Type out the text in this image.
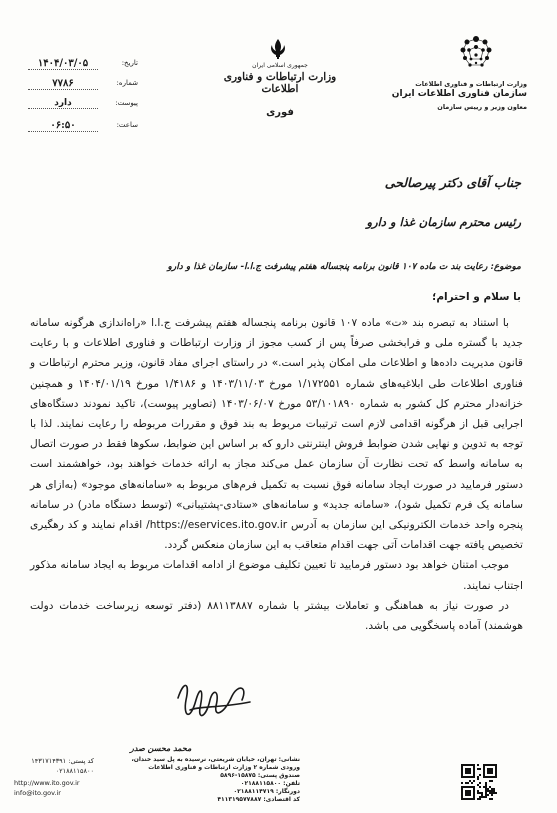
۱۴۰۴/۰۳/۰۵	تاریخ:
۷۷۸۶	شماره:
دارد	پیوست:
۰۶:۵۰	ساعت:
جمهوری اسلامی ایران
وزارت ارتباطات و فناوری اطلاعات
فوری
وزارت ارتباطات و فناوری اطلاعات
سازمان فناوری اطلاعات ایران
معاون وزیر و رییس سازمان
جناب آقای دکتر پیرصالحی
رئیس محترم سازمان غذا و دارو
موضوع: رعایت بند ت ماده ۱۰۷ قانون برنامه پنجساله هفتم پیشرفت ج.ا.ا- سازمان غذا و دارو
با سلام و احترام؛

با استناد به تبصره بند «ت» ماده ۱۰۷ قانون برنامه پنجساله هفتم پیشرفت ج.ا.ا «راه‌اندازی هرگونه سامانه جدید با گستره ملی و فرابخشی صرفاً پس از کسب مجوز از وزارت ارتباطات و فناوری اطلاعات و با رعایت قانون مدیریت داده‌ها و اطلاعات ملی امکان پذیر است.» در راستای اجرای مفاد قانون، وزیر محترم ارتباطات و فناوری اطلاعات طی ابلاغیه‌های شماره ۱/۱۷۲۵۵۱ مورخ ۱۴۰۳/۱۱/۰۳ و ۱/۴۱۸۶ مورخ ۱۴۰۴/۰۱/۱۹ و همچنین خزانه‌دار محترم کل کشور به شماره ۵۳/۱۰۱۸۹۰ مورخ ۱۴۰۳/۰۶/۰۷ (تصاویر پیوست)، تاکید نمودند دستگاه‌های اجرایی قبل از هرگونه اقدامی لازم است ترتیبات مربوط به بند فوق و مقررات مربوطه را رعایت نمایند. لذا با توجه به تدوین و نهایی شدن ضوابط فروش اینترنتی دارو که بر اساس این ضوابط، سکوها فقط در صورت اتصال به سامانه واسط که تحت نظارت آن سازمان عمل می‌کند مجاز به ارائه خدمات خواهند بود، خواهشمند است دستور فرمایید در صورت ایجاد سامانه فوق نسبت به تکمیل فرم‌های مربوط به «سامانه‌های موجود» (به‌ازای هر سامانه یک فرم تکمیل شود)، «سامانه جدید» و سامانه‌های «ستادی-پشتیبانی» (توسط دستگاه مادر) در سامانه پنجره واحد خدمات الکترونیکی این سازمان به آدرس https://eservices.ito.gov.ir/ اقدام نمایند و کد رهگیری تخصیص یافته جهت اقدامات آتی جهت اقدام متعاقب به این سازمان منعکس گردد.

موجب امتنان خواهد بود دستور فرمایید تا تعیین تکلیف موضوع از ادامه اقدامات مربوط به ایجاد سامانه مذکور اجتناب نمایند.

در صورت نیاز به هماهنگی و تعاملات بیشتر با شماره ۸۸۱۱۳۸۸۷ (دفتر توسعه زیرساخت خدمات دولت هوشمند) آماده پاسخگویی می باشد.

محمد محسن صدر
نشانی: تهران، خیابان شریعتی، نرسیده به پل سید خندان،
ورودی شماره ۲ وزارت ارتباطات و فناوری اطلاعات
صندوق پستی: ۱۵۸۷۵-۵۸۹۶
تلفن: ۰۲۱۸۸۱۱۵۸۰۰
دورنگار: ۰۲۱۸۸۱۱۴۷۱۹
کد اقتصادی: ۴۱۱۳۱۹۵۷۷۸۸۷
کد پستی: ۱۴۳۱۷۱۴۳۹۱
۰۲۱۸۸۱۱۵۸۰۰
http://www.ito.gov.ir
info@ito.gov.ir
